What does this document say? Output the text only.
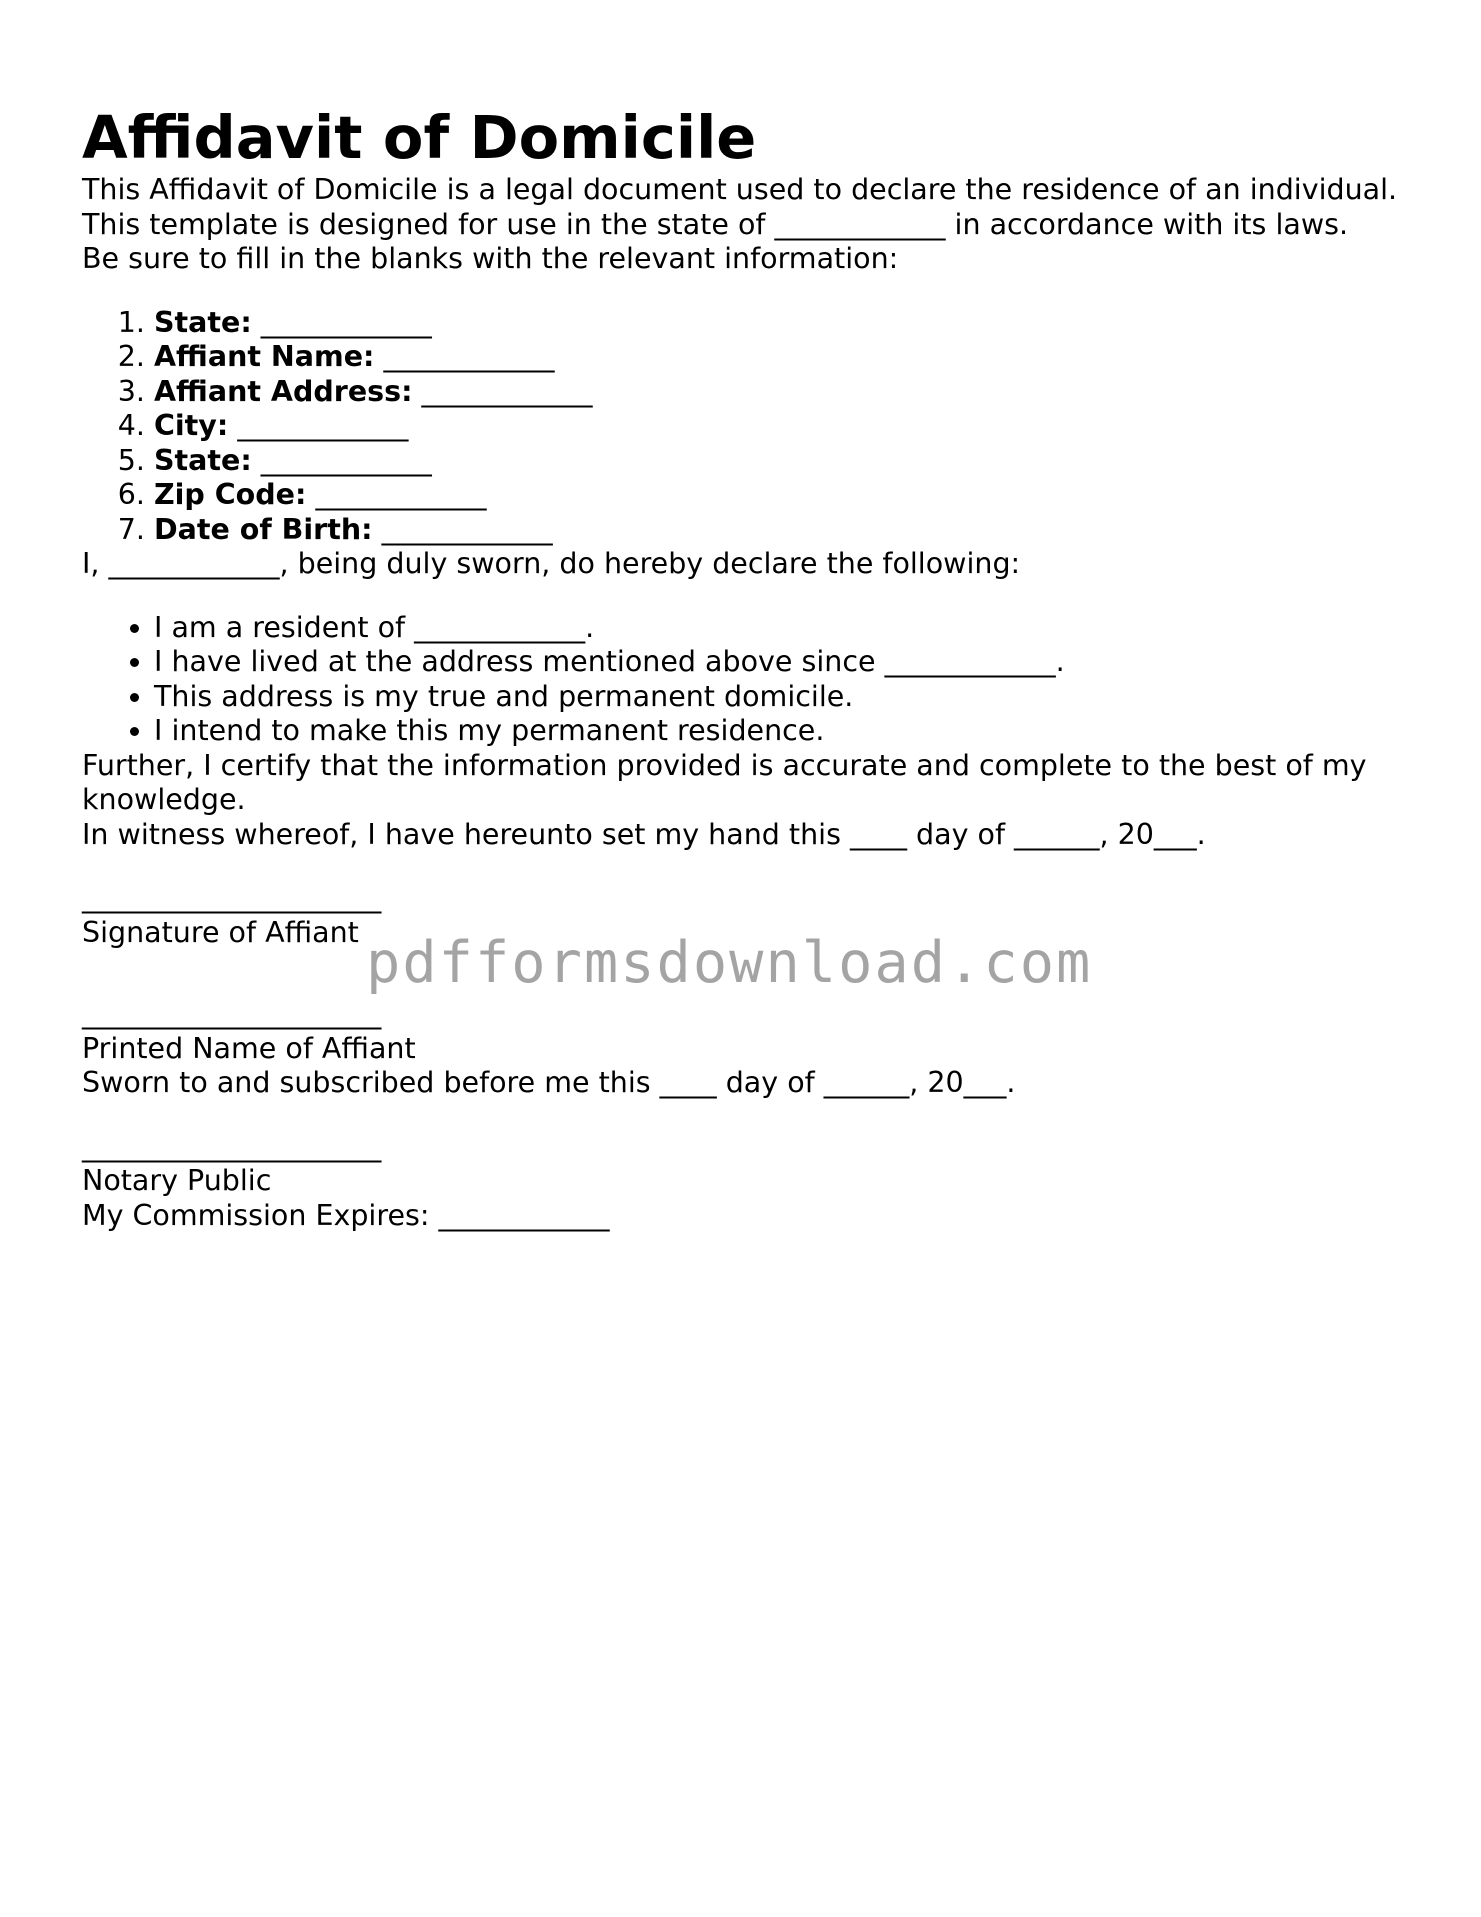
Affidavit of Domicile

This Affidavit of Domicile is a legal document used to declare the residence of an individual. This template is designed for use in the state of ____________ in accordance with its laws.

Be sure to fill in the blanks with the relevant information:

1. State: ____________
2. Affiant Name: ____________
3. Affiant Address: ____________
4. City: ____________
5. State: ____________
6. Zip Code: ____________
7. Date of Birth: ____________

I, ____________, being duly sworn, do hereby declare the following:

• I am a resident of ____________.
• I have lived at the address mentioned above since ____________.
• This address is my true and permanent domicile.
• I intend to make this my permanent residence.

Further, I certify that the information provided is accurate and complete to the best of my knowledge.

In witness whereof, I have hereunto set my hand this ____ day of ______, 20___.

_____________________
Signature of Affiant
_____________________
Printed Name of Affiant

Sworn to and subscribed before me this ____ day of ______, 20___.

_____________________
Notary Public

My Commission Expires: ____________

pdfformsdownload.com
